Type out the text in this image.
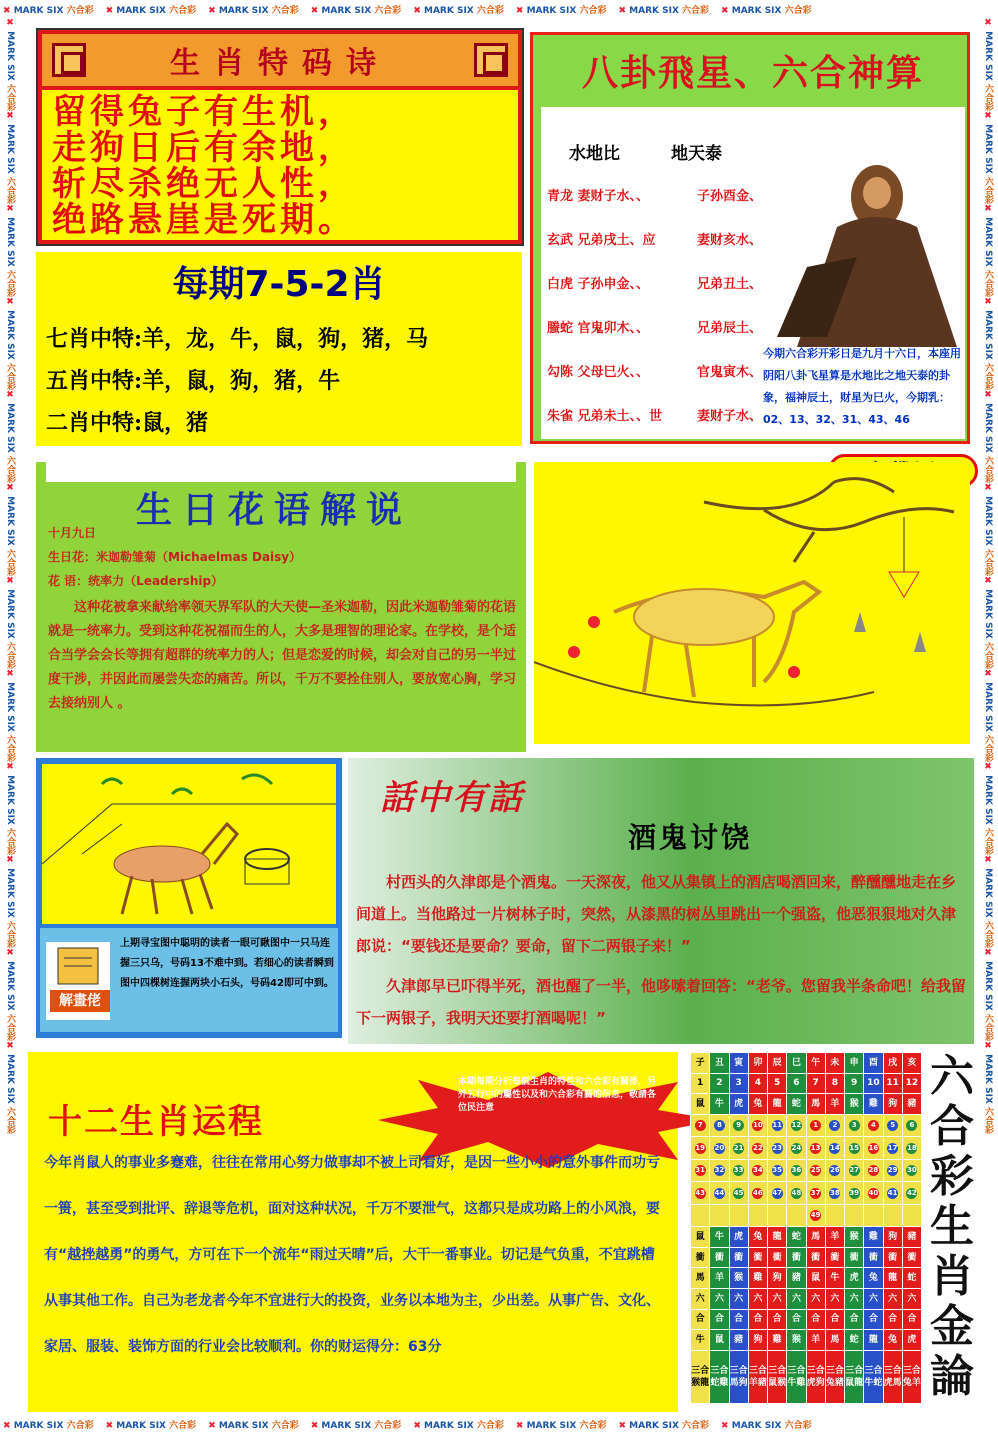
✖ MARK SIX 六合彩 ✖ MARK SIX 六合彩 ✖ MARK SIX 六合彩 ✖ MARK SIX 六合彩 ✖ MARK SIX 六合彩 ✖ MARK SIX 六合彩 ✖ MARK SIX 六合彩 ✖ MARK SIX 六合彩
✖ MARK SIX 六合彩 ✖ MARK SIX 六合彩 ✖ MARK SIX 六合彩 ✖ MARK SIX 六合彩 ✖ MARK SIX 六合彩 ✖ MARK SIX 六合彩 ✖ MARK SIX 六合彩 ✖ MARK SIX 六合彩
✖ MARK SIX 六合彩✖ MARK SIX 六合彩✖ MARK SIX 六合彩✖ MARK SIX 六合彩✖ MARK SIX 六合彩✖ MARK SIX 六合彩✖ MARK SIX 六合彩✖ MARK SIX 六合彩✖ MARK SIX 六合彩✖ MARK SIX 六合彩✖ MARK SIX 六合彩✖ MARK SIX 六合彩
✖ MARK SIX 六合彩✖ MARK SIX 六合彩✖ MARK SIX 六合彩✖ MARK SIX 六合彩✖ MARK SIX 六合彩✖ MARK SIX 六合彩✖ MARK SIX 六合彩✖ MARK SIX 六合彩✖ MARK SIX 六合彩✖ MARK SIX 六合彩✖ MARK SIX 六合彩✖ MARK SIX 六合彩
生肖特码诗
留得兔子有生机，
走狗日后有余地，
斩尽杀绝无人性，
绝路悬崖是死期。
八卦飛星、六合神算
水地比	地天泰
青龙 妻财子水、、	子孙酉金、
玄武 兄弟戌土、应	妻财亥水、
白虎 子孙申金、、	兄弟丑土、
螣蛇 官鬼卯木、、	兄弟辰土、
勾陈 父母巳火、、	官鬼寅木、
朱雀 兄弟未土、、世	妻财子水、
今期六合彩开彩日是九月十六日，本座用阴阳八卦飞星算是水地比之地天泰的卦象，福神辰土，财星为巳火，今期乳：02、13、32、31、43、46
每期7-5-2肖
七肖中特:羊，龙，牛，鼠，狗，猪，马
五肖中特:羊，鼠，狗，猪，牛
二肖中特:鼠，猪
生日花语解说
十月九日
生日花：米迦勒雏菊（Michaelmas Daisy）
花 语：统率力（Leadership）
这种花被拿来献给率领天界军队的大天使—圣米迦勒，因此米迦勒雏菊的花语就是一统率力。受到这种花祝福而生的人，大多是理智的理论家。在学校，是个适合当学会会长等拥有超群的统率力的人；但是恋爱的时候，却会对自己的另一半过度干涉，并因此而屡尝失恋的痛苦。所以，千万不要拴住别人，要放宽心胸，学习去接纳别人 。
解畫佬
上期寻宝图中聪明的读者一眼可瞅图中一只马连握三只乌，号码13不难中到。若细心的读者瞬到图中四棵树连握两块小石头，号码42即可中到。
話中有話
酒鬼讨饶
村西头的久津郎是个酒鬼。一天深夜，他又从集镇上的酒店喝酒回来，醉醺醺地走在乡间道上。当他路过一片树林子时，突然，从漆黑的树丛里跳出一个强盗，他恶狠狠地对久津郎说：“要钱还是要命？要命，留下二两银子来！”
久津郎早已吓得半死，酒也醒了一半，他哆嗦着回答：“老爷。您留我半条命吧！给我留下一两银子，我明天还要打酒喝呢！”
本期每期分析每個生肖的特性和六合彩有關係，另外五行中的屬性以及和六合彩有關的信息，敬請各位民注意
十二生肖运程
今年肖鼠人的事业多蹇难，往往在常用心努力做事却不被上司看好，是因一些小小的意外事件而功亏一篑，甚至受到批评、辞退等危机，面对这种状况，千万不要泄气，这都只是成功路上的小风浪，要有“越挫越勇”的勇气，方可在下一个流年“雨过天晴”后，大干一番事业。切记是气负重，不宜跳槽从事其他工作。自己为老龙者今年不宜进行大的投资，业务以本地为主，少出差。从事广告、文化、家居、服装、装饰方面的行业会比较顺利。你的财运得分：63分
子	丑	寅	卯	辰	巳	午	未	申	酉	戌	亥
1	2	3	4	5	6	7	8	9	10	11	12
鼠	牛	虎	兔	龍	蛇	馬	羊	猴	雞	狗	豬
7	8	9	10	11	12	1	2	3	4	5	6
19	20	21	22	23	24	13	14	15	16	17	18
31	32	33	34	35	36	25	26	27	28	29	30
43	44	45	46	47	48	37	38	39	40	41	42
						49					
鼠	牛	虎	兔	龍	蛇	馬	羊	猴	雞	狗	豬
衝	衝	衝	衝	衝	衝	衝	衝	衝	衝	衝	衝
馬	羊	猴	雞	狗	豬	鼠	牛	虎	兔	龍	蛇
六	六	六	六	六	六	六	六	六	六	六	六
合	合	合	合	合	合	合	合	合	合	合	合
牛	鼠	豬	狗	雞	猴	羊	馬	蛇	龍	兔	虎
三合猴龍	三合蛇雞	三合馬狗	三合羊豬	三合鼠猴	三合牛雞	三合虎狗	三合兔豬	三合鼠龍	三合牛蛇	三合虎馬	三合兔羊
六合彩生肖金論
